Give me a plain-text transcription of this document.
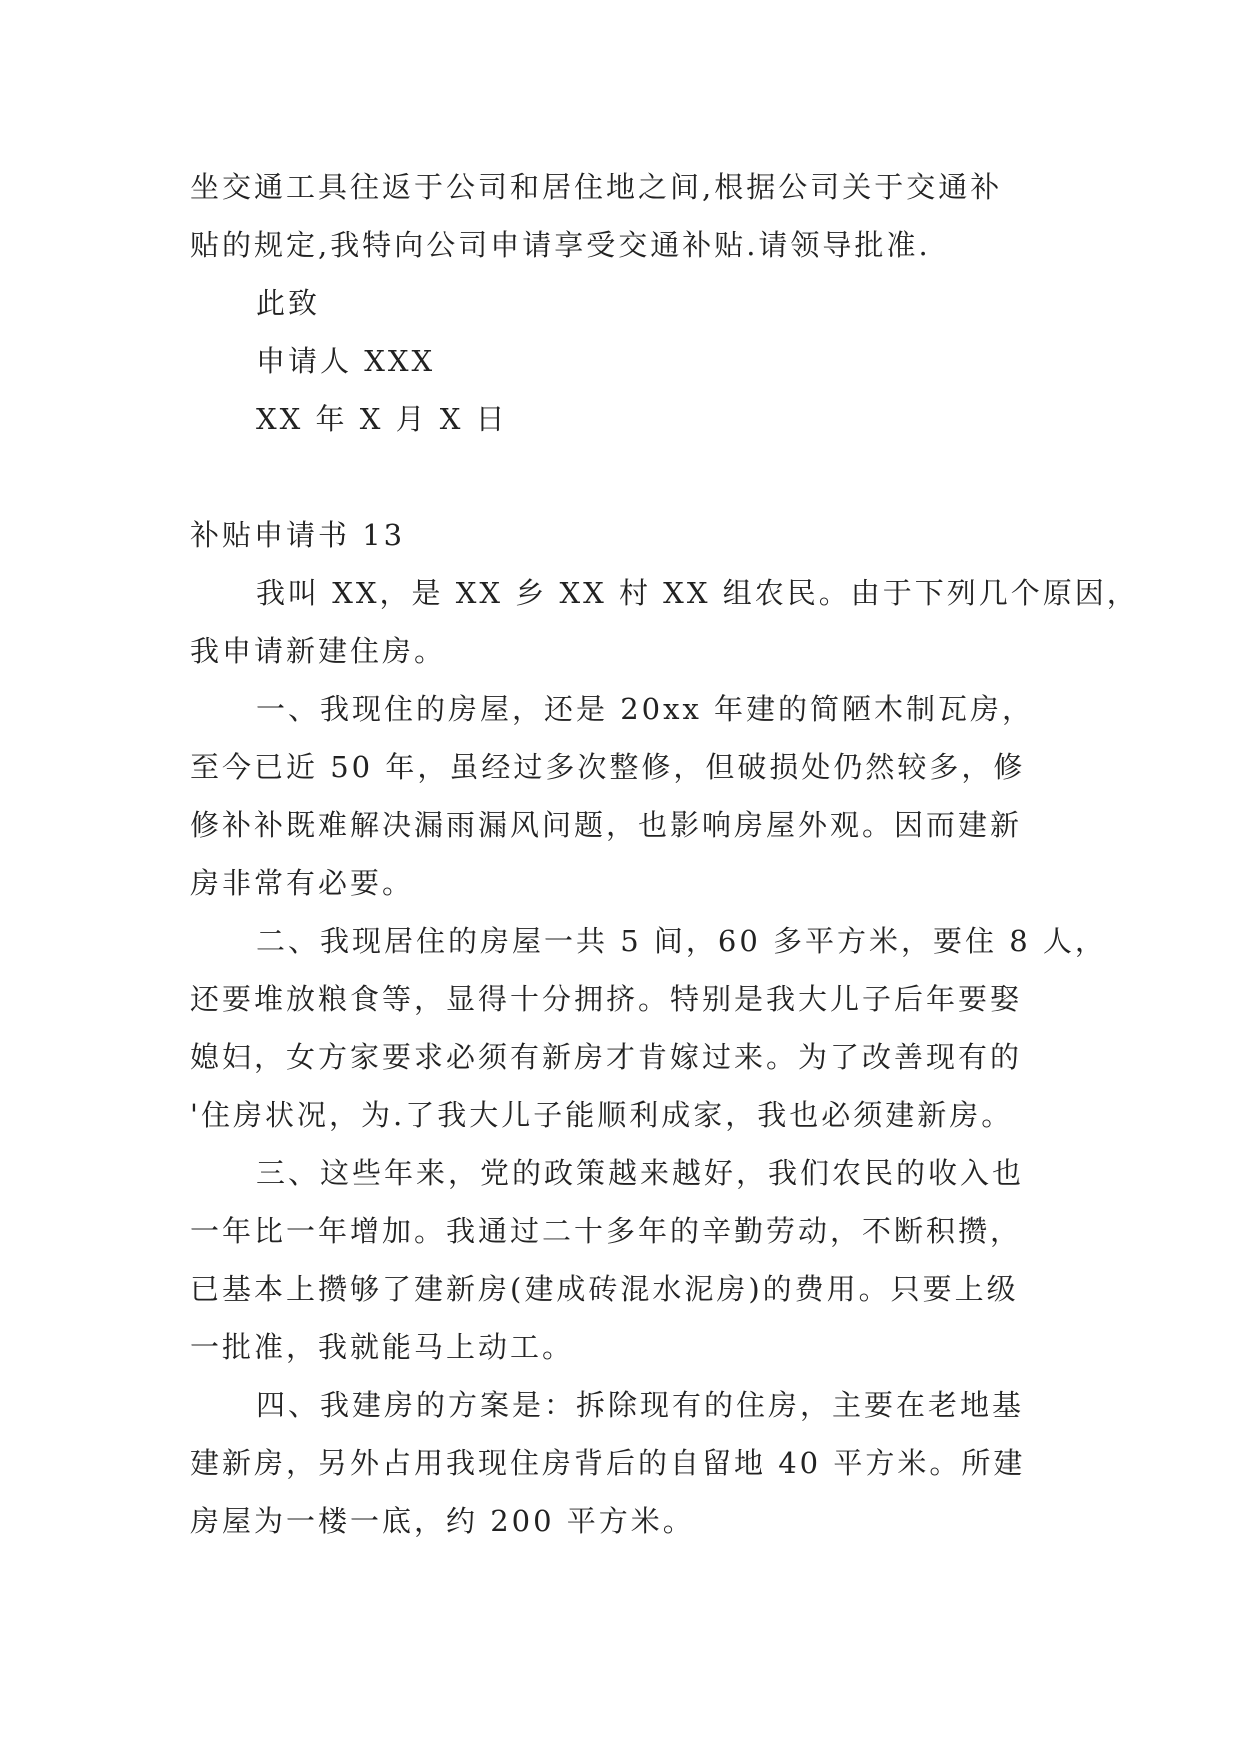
坐交通工具往返于公司和居住地之间,根据公司关于交通补
贴的规定,我特向公司申请享受交通补贴.请领导批准.
此致
申请人 XXX
XX 年 X 月 X 日
补贴申请书 13
我叫 XX，是 XX 乡 XX 村 XX 组农民。由于下列几个原因，
我申请新建住房。
一、我现住的房屋，还是 20xx 年建的简陋木制瓦房，
至今已近 50 年，虽经过多次整修，但破损处仍然较多，修
修补补既难解决漏雨漏风问题，也影响房屋外观。因而建新
房非常有必要。
二、我现居住的房屋一共 5 间，60 多平方米，要住 8 人，
还要堆放粮食等，显得十分拥挤。特别是我大儿子后年要娶
媳妇，女方家要求必须有新房才肯嫁过来。为了改善现有的
'住房状况，为.了我大儿子能顺利成家，我也必须建新房。
三、这些年来，党的政策越来越好，我们农民的收入也
一年比一年增加。我通过二十多年的辛勤劳动，不断积攒，
已基本上攒够了建新房(建成砖混水泥房)的费用。只要上级
一批准，我就能马上动工。
四、我建房的方案是：拆除现有的住房，主要在老地基
建新房，另外占用我现住房背后的自留地 40 平方米。所建
房屋为一楼一底，约 200 平方米。
